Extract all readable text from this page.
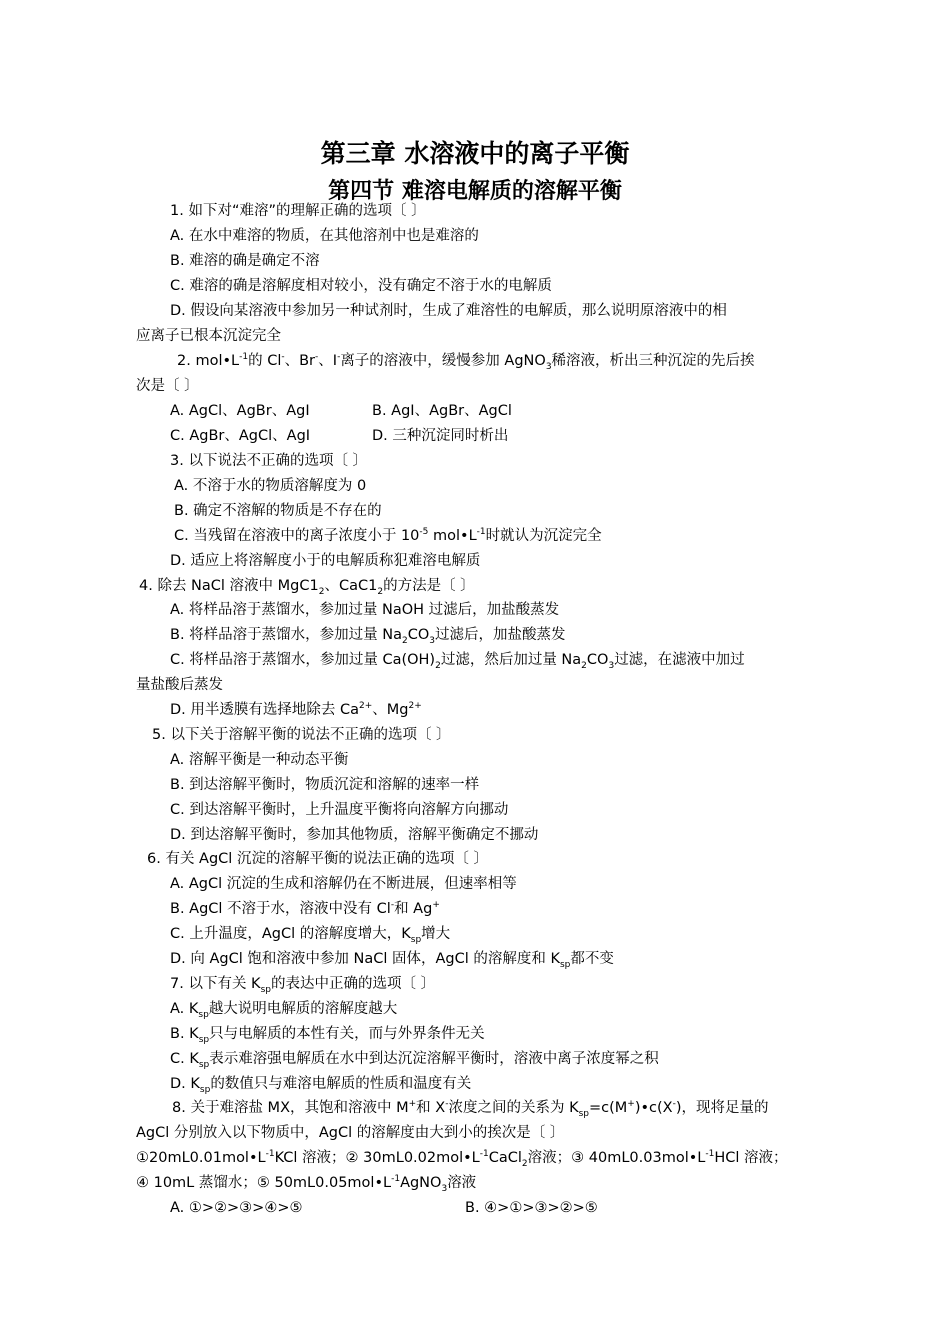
第三章 水溶液中的离子平衡
第四节 难溶电解质的溶解平衡
1. 如下对“难溶”的理解正确的选项〔 〕
A. 在水中难溶的物质，在其他溶剂中也是难溶的
B. 难溶的确是确定不溶
C. 难溶的确是溶解度相对较小，没有确定不溶于水的电解质
D. 假设向某溶液中参加另一种试剂时，生成了难溶性的电解质，那么说明原溶液中的相
应离子已根本沉淀完全
2. $mol•L^{-1}$的 Cl-、Br-、I-离子的溶液中，缓慢参加 AgNO$_3$稀溶液，析出三种沉淀的先后挨
次是〔 〕
A. AgCl、AgBr、AgI	B. AgI、AgBr、AgCl
C. AgBr、AgCl、AgI	D. 三种沉淀同时析出
3. 以下说法不正确的选项〔 〕
A. 不溶于水的物质溶解度为 0
B. 确定不溶解的物质是不存在的
C. 当残留在溶液中的离子浓度小于 $10^{-5}$ $mol•L^{-1}$时就认为沉淀完全
D. 适应上将溶解度小于的电解质称犯难溶电解质
4. 除去 NaCl 溶液中 $MgC1_2$、$CaC1_2$的方法是〔 〕
A. 将样品溶于蒸馏水，参加过量 NaOH 过滤后，加盐酸蒸发
B. 将样品溶于蒸馏水，参加过量 $Na_2CO_3$过滤后，加盐酸蒸发
C. 将样品溶于蒸馏水，参加过量 $Ca(OH)_2$过滤，然后加过量 $Na_2CO_3$过滤，在滤液中加过
量盐酸后蒸发
D. 用半透膜有选择地除去 $Ca^{2+}$、$Mg^{2+}$
5. 以下关于溶解平衡的说法不正确的选项〔 〕
A. 溶解平衡是一种动态平衡
B. 到达溶解平衡时，物质沉淀和溶解的速率一样
C. 到达溶解平衡时，上升温度平衡将向溶解方向挪动
D. 到达溶解平衡时，参加其他物质，溶解平衡确定不挪动
6. 有关 AgCl 沉淀的溶解平衡的说法正确的选项〔 〕
A. AgCl 沉淀的生成和溶解仍在不断进展，但速率相等
B. AgCl 不溶于水，溶液中没有 Cl-和 Ag+
C. 上升温度，AgCl 的溶解度增大，$K_{sp}$增大
D. 向 AgCl 饱和溶液中参加 NaCl 固体，AgCl 的溶解度和 $K_{sp}$都不变
7. 以下有关 $K_{sp}$的表达中正确的选项〔 〕
A. $K_{sp}$越大说明电解质的溶解度越大
B. $K_{sp}$只与电解质的本性有关，而与外界条件无关
C. $K_{sp}$表示难溶强电解质在水中到达沉淀溶解平衡时，溶液中离子浓度幂之积
D. $K_{sp}$的数值只与难溶电解质的性质和温度有关
8. 关于难溶盐 MX，其饱和溶液中 M+和 X-浓度之间的关系为 $K_{sp}=c(M^+)•c(X^-)$，现将足量的
AgCl 分别放入以下物质中，AgCl 的溶解度由大到小的挨次是〔 〕
$①20mL0.01mol•L^{-1}KCl$ 溶液；② $30mL0.02mol•L^{-1}CaCl_2$溶液；③ $40mL0.03mol•L^{-1}HCl$ 溶液；
④ 10mL 蒸馏水；⑤ $50mL0.05mol•L^{-1}AgNO_3$溶液
A. ①>②>③>④>⑤	B. ④>①>③>②>⑤
